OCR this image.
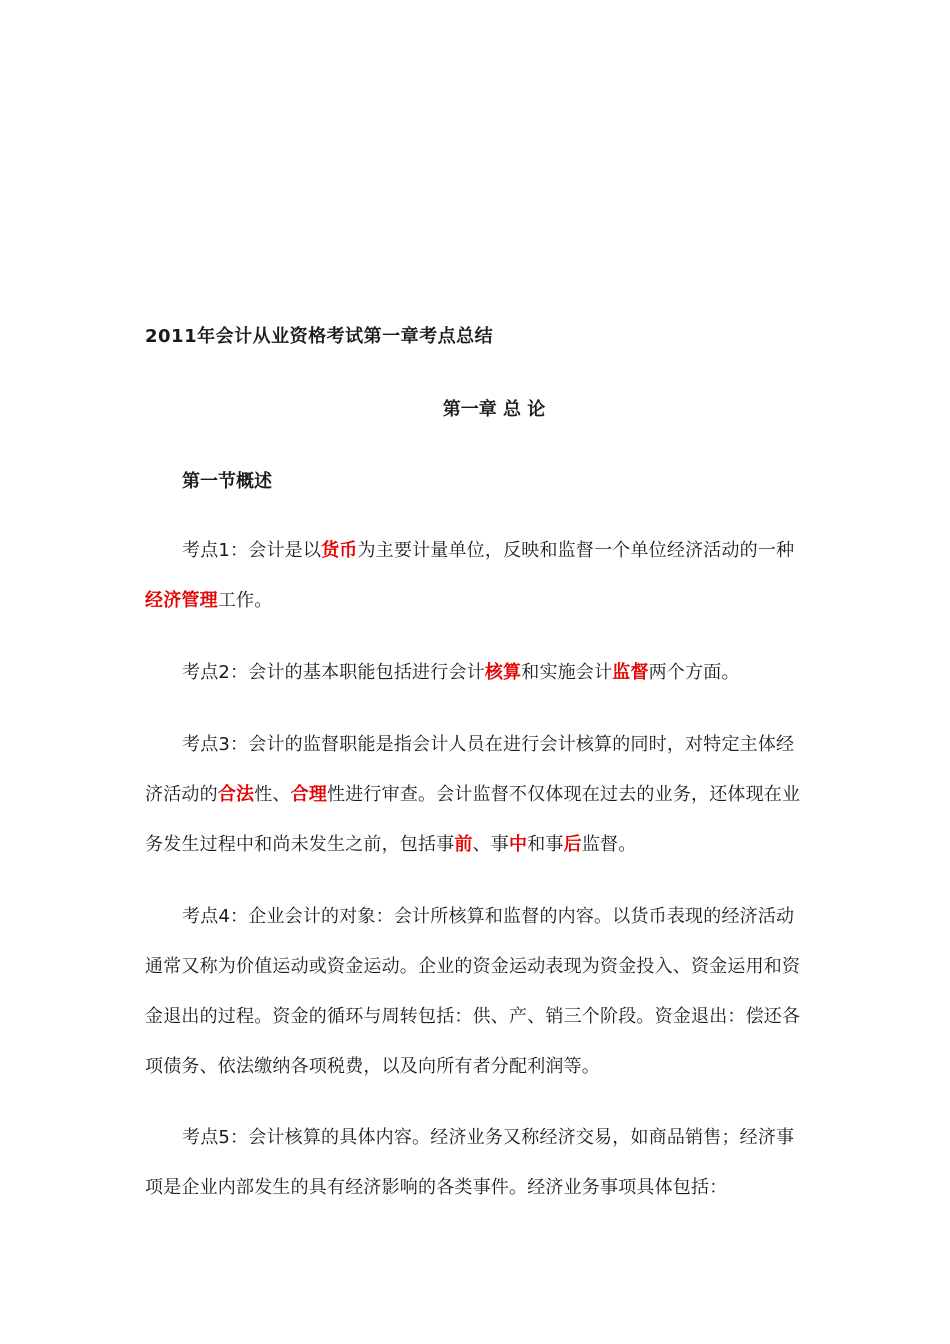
2011年会计从业资格考试第一章考点总结
第一章 总 论
第一节概述

考点1：会计是以货币为主要计量单位，反映和监督一个单位经济活动的一种经济管理工作。

考点2：会计的基本职能包括进行会计核算和实施会计监督两个方面。

考点3：会计的监督职能是指会计人员在进行会计核算的同时，对特定主体经济活动的合法性、合理性进行审查。会计监督不仅体现在过去的业务，还体现在业务发生过程中和尚未发生之前，包括事前、事中和事后监督。

考点4：企业会计的对象：会计所核算和监督的内容。以货币表现的经济活动通常又称为价值运动或资金运动。企业的资金运动表现为资金投入、资金运用和资金退出的过程。资金的循环与周转包括：供、产、销三个阶段。资金退出：偿还各项债务、依法缴纳各项税费，以及向所有者分配利润等。

考点5：会计核算的具体内容。经济业务又称经济交易，如商品销售；经济事项是企业内部发生的具有经济影响的各类事件。经济业务事项具体包括：
